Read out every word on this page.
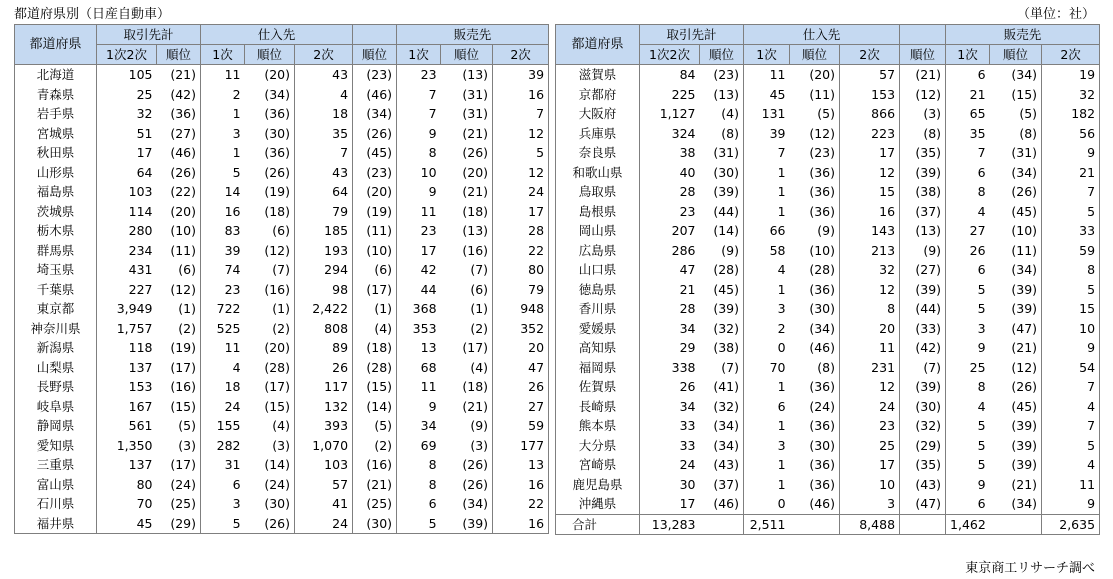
都道府県別（日産自動車）	（単位：社）
都道府県	取引先計		仕入先				販売先		
	1次2次	順位	1次	順位	2次	順位	1次	順位	2次
北海道	105	(21)	11	(20)	43	(23)	23	(13)	39
青森県	25	(42)	2	(34)	4	(46)	7	(31)	16
岩手県	32	(36)	1	(36)	18	(34)	7	(31)	7
宮城県	51	(27)	3	(30)	35	(26)	9	(21)	12
秋田県	17	(46)	1	(36)	7	(45)	8	(26)	5
山形県	64	(26)	5	(26)	43	(23)	10	(20)	12
福島県	103	(22)	14	(19)	64	(20)	9	(21)	24
茨城県	114	(20)	16	(18)	79	(19)	11	(18)	17
栃木県	280	(10)	83	(6)	185	(11)	23	(13)	28
群馬県	234	(11)	39	(12)	193	(10)	17	(16)	22
埼玉県	431	(6)	74	(7)	294	(6)	42	(7)	80
千葉県	227	(12)	23	(16)	98	(17)	44	(6)	79
東京都	3,949	(1)	722	(1)	2,422	(1)	368	(1)	948
神奈川県	1,757	(2)	525	(2)	808	(4)	353	(2)	352
新潟県	118	(19)	11	(20)	89	(18)	13	(17)	20
山梨県	137	(17)	4	(28)	26	(28)	68	(4)	47
長野県	153	(16)	18	(17)	117	(15)	11	(18)	26
岐阜県	167	(15)	24	(15)	132	(14)	9	(21)	27
静岡県	561	(5)	155	(4)	393	(5)	34	(9)	59
愛知県	1,350	(3)	282	(3)	1,070	(2)	69	(3)	177
三重県	137	(17)	31	(14)	103	(16)	8	(26)	13
富山県	80	(24)	6	(24)	57	(21)	8	(26)	16
石川県	70	(25)	3	(30)	41	(25)	6	(34)	22
福井県	45	(29)	5	(26)	24	(30)	5	(39)	16
都道府県	取引先計		仕入先				販売先		
	1次2次	順位	1次	順位	2次	順位	1次	順位	2次
滋賀県	84	(23)	11	(20)	57	(21)	6	(34)	19
京都府	225	(13)	45	(11)	153	(12)	21	(15)	32
大阪府	1,127	(4)	131	(5)	866	(3)	65	(5)	182
兵庫県	324	(8)	39	(12)	223	(8)	35	(8)	56
奈良県	38	(31)	7	(23)	17	(35)	7	(31)	9
和歌山県	40	(30)	1	(36)	12	(39)	6	(34)	21
鳥取県	28	(39)	1	(36)	15	(38)	8	(26)	7
島根県	23	(44)	1	(36)	16	(37)	4	(45)	5
岡山県	207	(14)	66	(9)	143	(13)	27	(10)	33
広島県	286	(9)	58	(10)	213	(9)	26	(11)	59
山口県	47	(28)	4	(28)	32	(27)	6	(34)	8
徳島県	21	(45)	1	(36)	12	(39)	5	(39)	5
香川県	28	(39)	3	(30)	8	(44)	5	(39)	15
愛媛県	34	(32)	2	(34)	20	(33)	3	(47)	10
高知県	29	(38)	0	(46)	11	(42)	9	(21)	9
福岡県	338	(7)	70	(8)	231	(7)	25	(12)	54
佐賀県	26	(41)	1	(36)	12	(39)	8	(26)	7
長崎県	34	(32)	6	(24)	24	(30)	4	(45)	4
熊本県	33	(34)	1	(36)	23	(32)	5	(39)	7
大分県	33	(34)	3	(30)	25	(29)	5	(39)	5
宮崎県	24	(43)	1	(36)	17	(35)	5	(39)	4
鹿児島県	30	(37)	1	(36)	10	(43)	9	(21)	11
沖縄県	17	(46)	0	(46)	3	(47)	6	(34)	9
合計	13,283		2,511		8,488		1,462		2,635
東京商工リサーチ調べ
